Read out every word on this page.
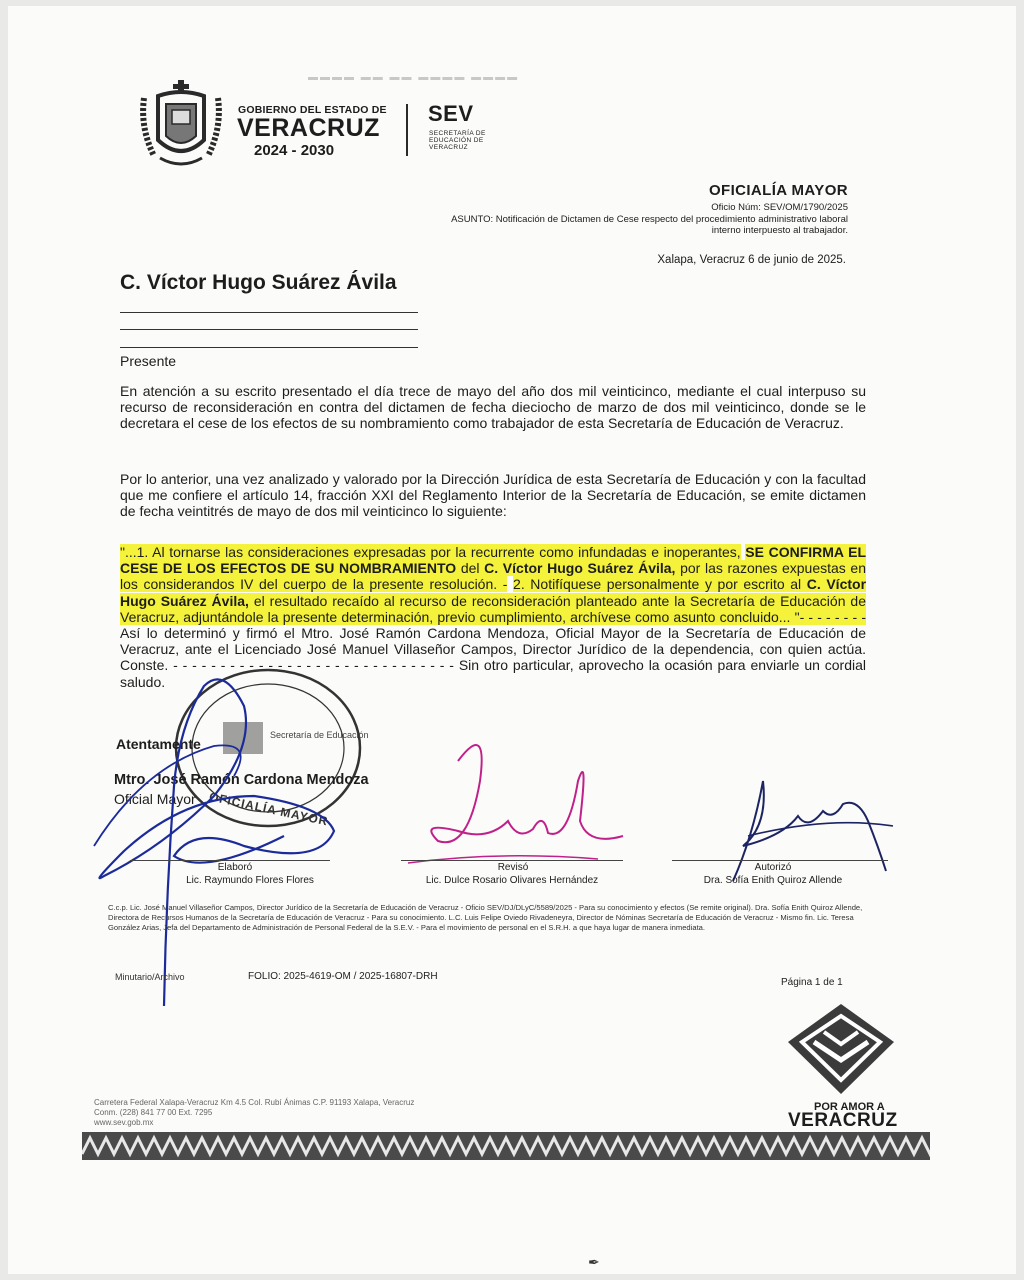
▬▬▬▬ ▬▬ ▬▬ ▬▬▬▬ ▬▬▬▬
GOBIERNO DEL ESTADO DE
VERACRUZ
2024 - 2030
SEV
SECRETARÍA DE EDUCACIÓN DE VERACRUZ
OFICIALÍA MAYOR
Oficio Núm: SEV/OM/1790/2025
ASUNTO: Notificación de Dictamen de Cese respecto del procedimiento administrativo laboral interno interpuesto al trabajador.
Xalapa, Veracruz 6 de junio de 2025.
C. Víctor Hugo Suárez Ávila
Presente
En atención a su escrito presentado el día trece de mayo del año dos mil veinticinco, mediante el cual interpuso su recurso de reconsideración en contra del dictamen de fecha dieciocho de marzo de dos mil veinticinco, donde se le decretara el cese de los efectos de su nombramiento como trabajador de esta Secretaría de Educación de Veracruz.
Por lo anterior, una vez analizado y valorado por la Dirección Jurídica de esta Secretaría de Educación y con la facultad que me confiere el artículo 14, fracción XXI del Reglamento Interior de la Secretaría de Educación, se emite dictamen de fecha veintitrés de mayo de dos mil veinticinco lo siguiente:
"...1. Al tornarse las consideraciones expresadas por la recurrente como infundadas e inoperantes, SE CONFIRMA EL CESE DE LOS EFECTOS DE SU NOMBRAMIENTO del C. Víctor Hugo Suárez Ávila, por las razones expuestas en los considerandos IV del cuerpo de la presente resolución. - 2. Notifíquese personalmente y por escrito al C. Víctor Hugo Suárez Ávila, el resultado recaído al recurso de reconsideración planteado ante la Secretaría de Educación de Veracruz, adjuntándole la presente determinación, previo cumplimiento, archívese como asunto concluido... "- - - - - - - - Así lo determinó y firmó el Mtro. José Ramón Cardona Mendoza, Oficial Mayor de la Secretaría de Educación de Veracruz, ante el Licenciado José Manuel Villaseñor Campos, Director Jurídico de la dependencia, con quien actúa. Conste. - - - - - - - - - - - - - - - - - - - - - - - - - - - - - - Sin otro particular, aprovecho la ocasión para enviarle un cordial saludo.
Secretaría de Educación
OFICIALÍA MAYOR
Atentamente
Mtro. José Ramón Cardona Mendoza
Oficial Mayor
Elaboró
Lic. Raymundo Flores Flores
Revisó
Lic. Dulce Rosario Olivares Hernández
Autorizó
Dra. Sofía Enith Quiroz Allende
C.c.p. Lic. José Manuel Villaseñor Campos, Director Jurídico de la Secretaría de Educación de Veracruz - Oficio SEV/DJ/DLyC/5589/2025 - Para su conocimiento y efectos (Se remite original). Dra. Sofía Enith Quiroz Allende, Directora de Recursos Humanos de la Secretaría de Educación de Veracruz - Para su conocimiento. L.C. Luis Felipe Oviedo Rivadeneyra, Director de Nóminas Secretaría de Educación de Veracruz - Mismo fin. Lic. Teresa González Arias, Jefa del Departamento de Administración de Personal Federal de la S.E.V. - Para el movimiento de personal en el S.R.H. a que haya lugar de manera inmediata.
Minutario/Archivo	FOLIO: 2025-4619-OM / 2025-16807-DRH
Página 1 de 1
POR AMOR A
VERACRUZ
Carretera Federal Xalapa-Veracruz Km 4.5 Col. Rubí Ánimas C.P. 91193 Xalapa, Veracruz
Conm. (228) 841 77 00 Ext. 7295
www.sev.gob.mx
✒
